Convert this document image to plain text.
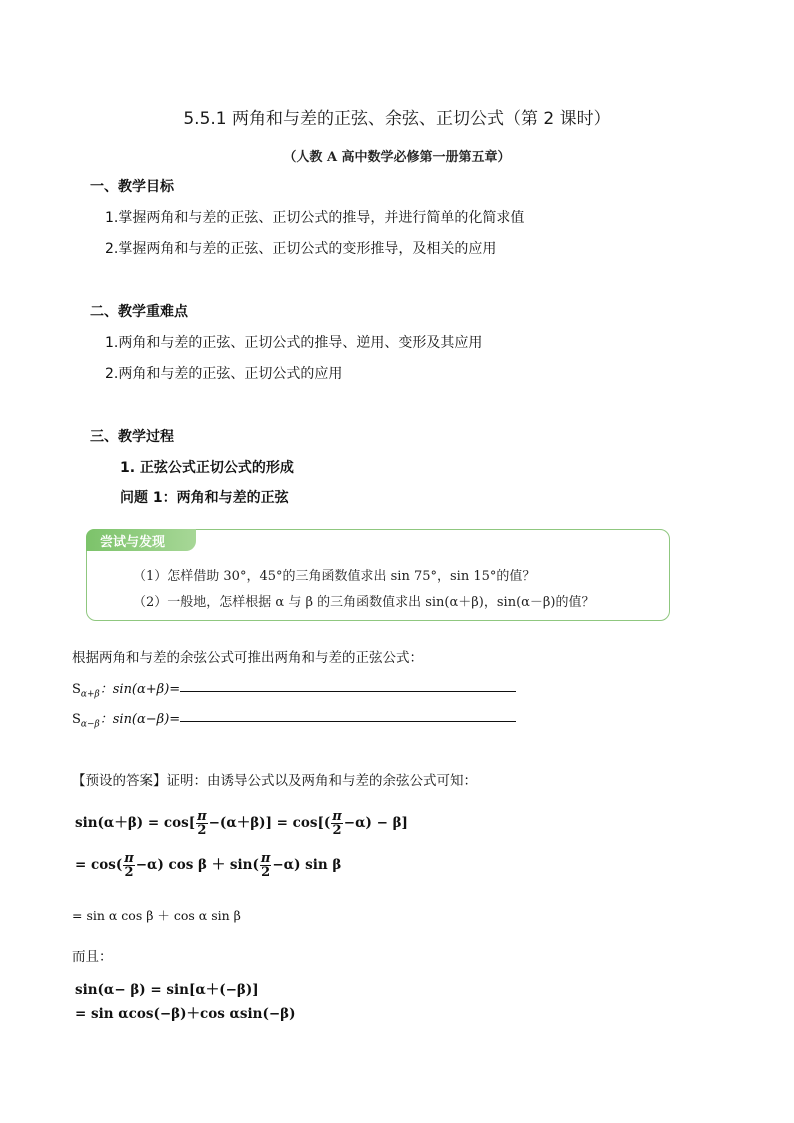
5.5.1 两角和与差的正弦、余弦、正切公式（第 2 课时）
（人教 A 高中数学必修第一册第五章）
一、教学目标
1.掌握两角和与差的正弦、正切公式的推导，并进行简单的化简求值
2.掌握两角和与差的正弦、正切公式的变形推导，及相关的应用
二、教学重难点
1.两角和与差的正弦、正切公式的推导、逆用、变形及其应用
2.两角和与差的正弦、正切公式的应用
三、教学过程
1. 正弦公式正切公式的形成
问题 1：两角和与差的正弦
尝试与发现
（1）怎样借助 30°，45°的三角函数值求出 sin 75°，sin 15°的值？
（2）一般地，怎样根据 α 与 β 的三角函数值求出 sin(α＋β)，sin(α－β)的值？
根据两角和与差的余弦公式可推出两角和与差的正弦公式：
$S_{\alpha+\beta}$：sin(α+β)=
$S_{\alpha-\beta}$：sin(α−β)=
【预设的答案】证明：由诱导公式以及两角和与差的余弦公式可知：
$\sin(\alpha+\beta) = \cos[ \frac{\pi}{2} -(\alpha+\beta)] = \cos[( \frac{\pi}{2} -\alpha) - \beta]$
= $\cos( \frac{\pi}{2} -\alpha)$ $\cos \beta + \sin( \frac{\pi}{2} -\alpha)$ sin β
= sin α cos β ＋ cos α sin β
而且：
sin(α− β) = sin[α＋(−β)]
= sin αcos(−β)＋cos αsin(−β)
